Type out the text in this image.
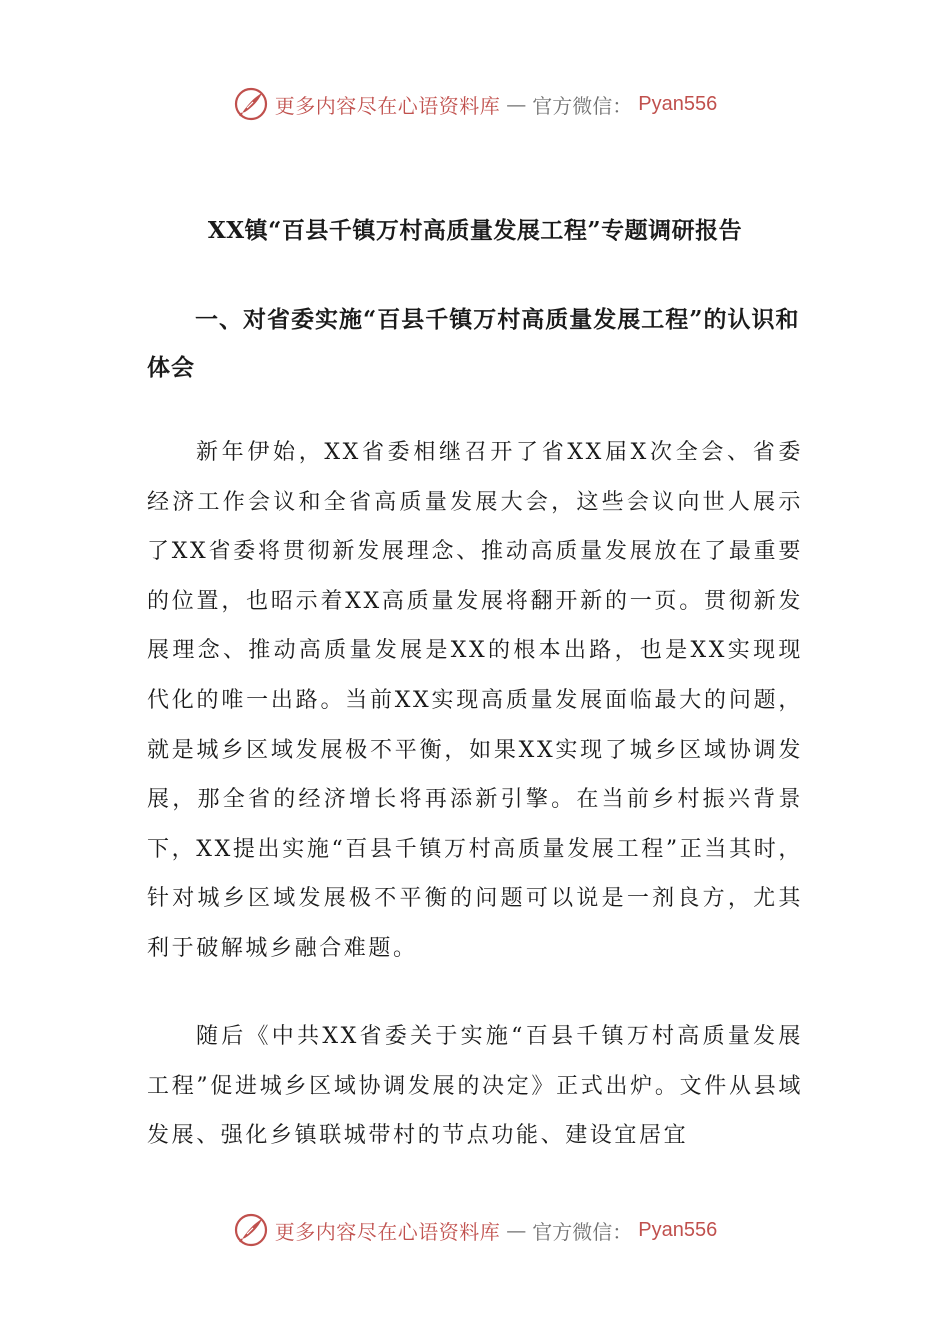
更多内容尽在心语资料库 — 官方微信： Pyan556
XX镇“百县千镇万村高质量发展工程”专题调研报告
一、对省委实施“百县千镇万村高质量发展工程”的认识和体会

新年伊始，XX省委相继召开了省XX届X次全会、省委经济工作会议和全省高质量发展大会，这些会议向世人展示了XX省委将贯彻新发展理念、推动高质量发展放在了最重要的位置，也昭示着XX高质量发展将翻开新的一页。贯彻新发展理念、推动高质量发展是XX的根本出路，也是XX实现现代化的唯一出路。当前XX实现高质量发展面临最大的问题，就是城乡区域发展极不平衡，如果XX实现了城乡区域协调发展，那全省的经济增长将再添新引擎。在当前乡村振兴背景下，XX提出实施“百县千镇万村高质量发展工程”正当其时，针对城乡区域发展极不平衡的问题可以说是一剂良方，尤其利于破解城乡融合难题。

随后《中共XX省委关于实施“百县千镇万村高质量发展工程”促进城乡区域协调发展的决定》正式出炉。文件从县域发展、强化乡镇联城带村的节点功能、建设宜居宜

更多内容尽在心语资料库 — 官方微信： Pyan556
